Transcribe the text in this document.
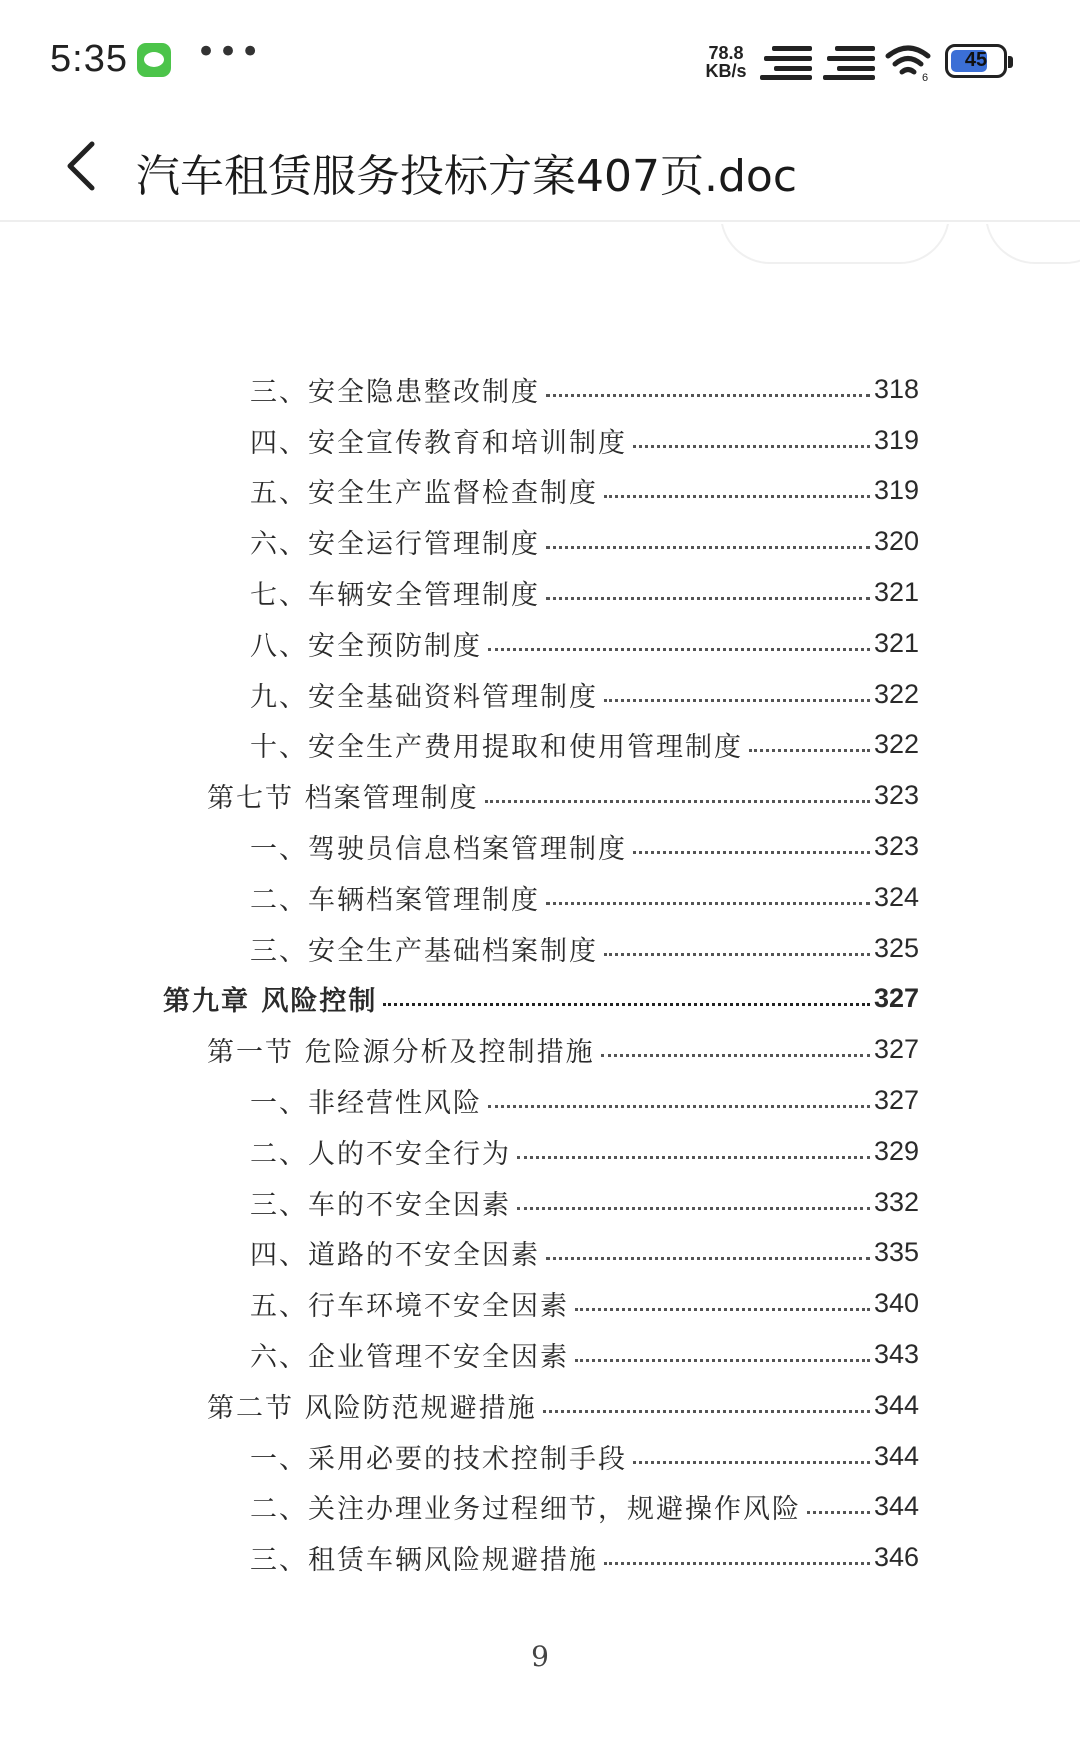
5:35 •••	78.8
KB/s	6
45
汽车租赁服务投标方案407页.doc
三、安全隐患整改制度	318
四、安全宣传教育和培训制度	319
五、安全生产监督检查制度	319
六、安全运行管理制度	320
七、车辆安全管理制度	321
八、安全预防制度	321
九、安全基础资料管理制度	322
十、安全生产费用提取和使用管理制度	322
第七节 档案管理制度	323
一、驾驶员信息档案管理制度	323
二、车辆档案管理制度	324
三、安全生产基础档案制度	325
第九章 风险控制	327
第一节 危险源分析及控制措施	327
一、非经营性风险	327
二、人的不安全行为	329
三、车的不安全因素	332
四、道路的不安全因素	335
五、行车环境不安全因素	340
六、企业管理不安全因素	343
第二节 风险防范规避措施	344
一、采用必要的技术控制手段	344
二、关注办理业务过程细节，规避操作风险	344
三、租赁车辆风险规避措施	346
9
